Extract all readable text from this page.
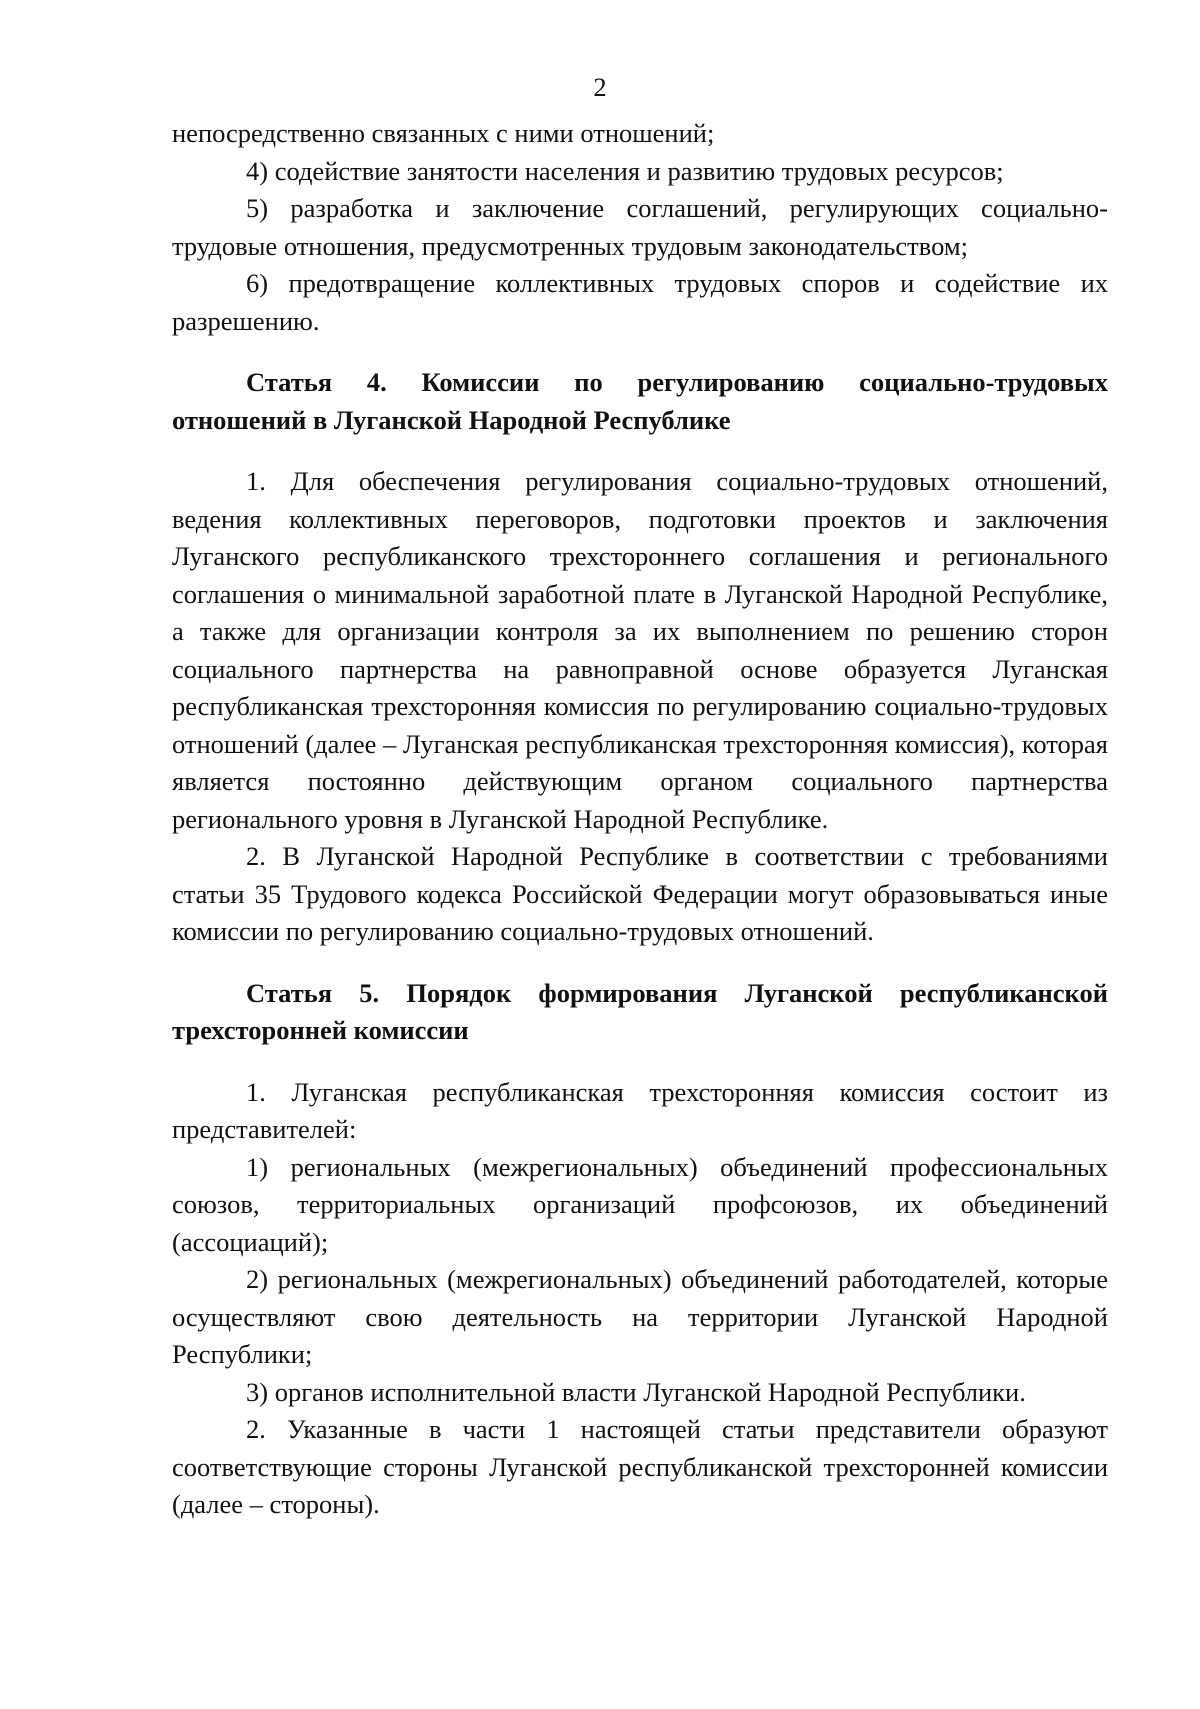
2

непосредственно связанных с ними отношений;

4) содействие занятости населения и развитию трудовых ресурсов;

5) разработка и заключение соглашений, регулирующих социально-трудовые отношения, предусмотренных трудовым законодательством;

6) предотвращение коллективных трудовых споров и содействие их разрешению.

Статья 4. Комиссии по регулированию социально-трудовых отношений в Луганской Народной Республике

1. Для обеспечения регулирования социально-трудовых отношений, ведения коллективных переговоров, подготовки проектов и заключения Луганского республиканского трехстороннего соглашения и регионального соглашения о минимальной заработной плате в Луганской Народной Республике, а также для организации контроля за их выполнением по решению сторон социального партнерства на равноправной основе образуется Луганская республиканская трехсторонняя комиссия по регулированию социально-трудовых отношений (далее – Луганская республиканская трехсторонняя комиссия), которая является постоянно действующим органом социального партнерства регионального уровня в Луганской Народной Республике.

2. В Луганской Народной Республике в соответствии с требованиями статьи 35 Трудового кодекса Российской Федерации могут образовываться иные комиссии по регулированию социально-трудовых отношений.

Статья 5. Порядок формирования Луганской республиканской трехсторонней комиссии

1. Луганская республиканская трехсторонняя комиссия состоит из представителей:

1) региональных (межрегиональных) объединений профессиональных союзов, территориальных организаций профсоюзов, их объединений (ассоциаций);

2) региональных (межрегиональных) объединений работодателей, которые осуществляют свою деятельность на территории Луганской Народной Республики;

3) органов исполнительной власти Луганской Народной Республики.

2. Указанные в части 1 настоящей статьи представители образуют соответствующие стороны Луганской республиканской трехсторонней комиссии (далее – стороны).
